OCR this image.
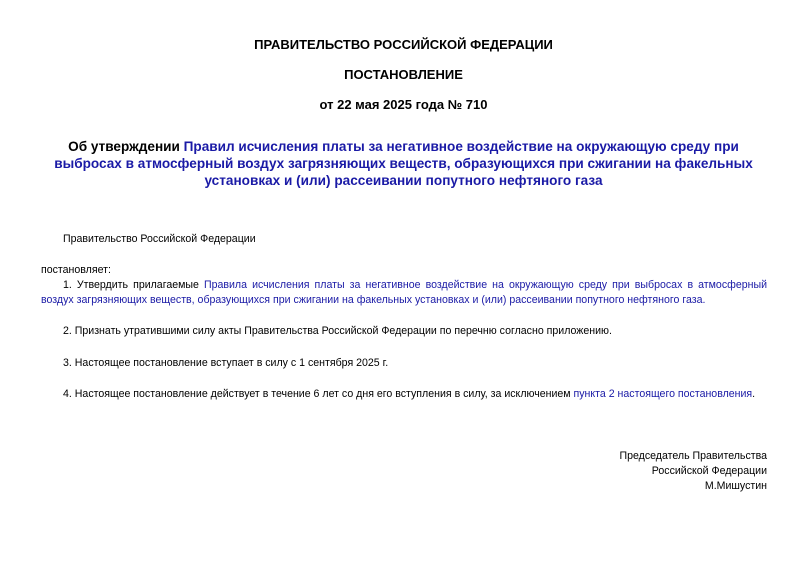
ПРАВИТЕЛЬСТВО РОССИЙСКОЙ ФЕДЕРАЦИИ
ПОСТАНОВЛЕНИЕ
от 22 мая 2025 года № 710
Об утверждении Правил исчисления платы за негативное воздействие на окружающую среду при выбросах в атмосферный воздух загрязняющих веществ, образующихся при сжигании на факельных установках и (или) рассеивании попутного нефтяного газа
Правительство Российской Федерации
постановляет:
1. Утвердить прилагаемые Правила исчисления платы за негативное воздействие на окружающую среду при выбросах в атмосферный воздух загрязняющих веществ, образующихся при сжигании на факельных установках и (или) рассеивании попутного нефтяного газа.
2. Признать утратившими силу акты Правительства Российской Федерации по перечню согласно приложению.
3. Настоящее постановление вступает в силу с 1 сентября 2025 г.
4. Настоящее постановление действует в течение 6 лет со дня его вступления в силу, за исключением пункта 2 настоящего постановления.
Председатель Правительства
Российской Федерации
М.Мишустин
